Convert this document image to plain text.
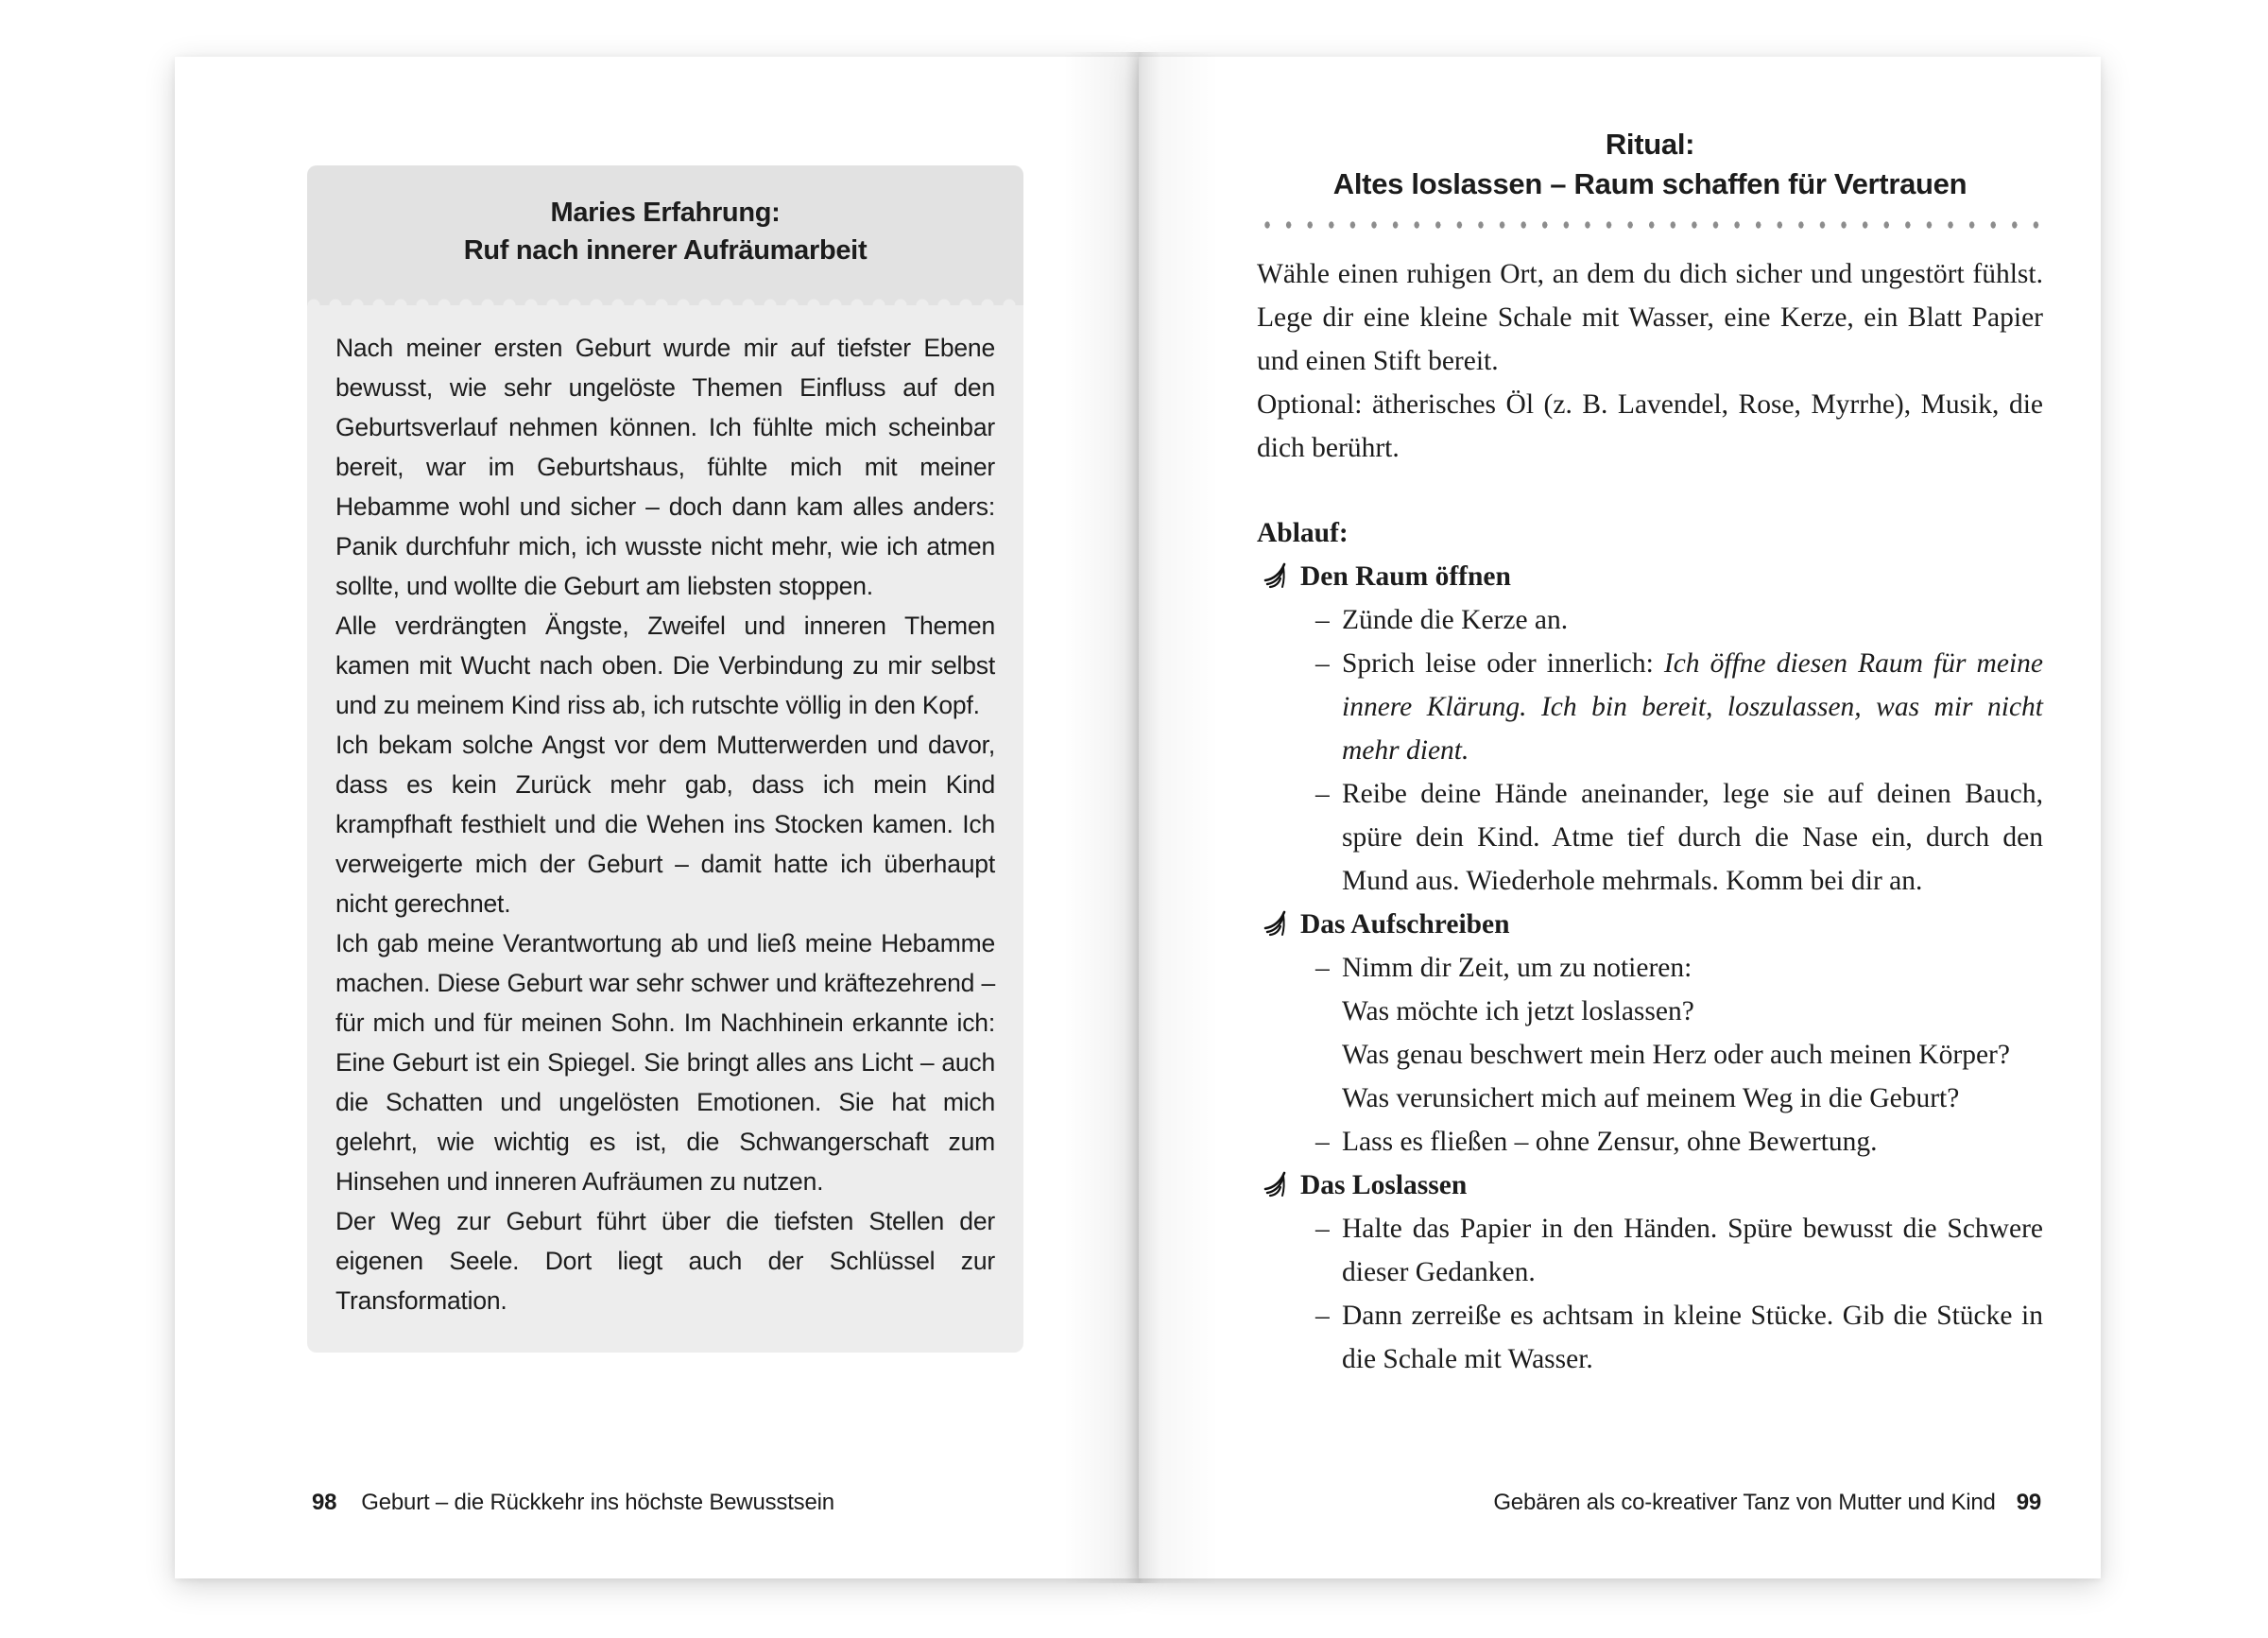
Maries Erfahrung:
Ruf nach innerer Aufräumarbeit

Nach meiner ersten Geburt wurde mir auf tiefster Ebene bewusst, wie sehr ungelöste Themen Einfluss auf den Geburtsverlauf nehmen können. Ich fühlte mich scheinbar bereit, war im Geburtshaus, fühlte mich mit meiner Hebamme wohl und sicher – doch dann kam alles anders: Panik durchfuhr mich, ich wusste nicht mehr, wie ich atmen sollte, und wollte die Geburt am liebsten stoppen.

Alle verdrängten Ängste, Zweifel und inneren Themen kamen mit Wucht nach oben. Die Verbindung zu mir selbst und zu meinem Kind riss ab, ich rutschte völlig in den Kopf.

Ich bekam solche Angst vor dem Mutterwerden und davor, dass es kein Zurück mehr gab, dass ich mein Kind krampfhaft festhielt und die Wehen ins Stocken kamen. Ich verweigerte mich der Geburt – damit hatte ich überhaupt nicht gerechnet.

Ich gab meine Verantwortung ab und ließ meine Hebamme machen. Diese Geburt war sehr schwer und kräftezehrend – für mich und für meinen Sohn. Im Nachhinein erkannte ich: Eine Geburt ist ein Spiegel. Sie bringt alles ans Licht – auch die Schatten und ungelösten Emotionen. Sie hat mich gelehrt, wie wichtig es ist, die Schwangerschaft zum Hinsehen und inneren Aufräumen zu nutzen.

Der Weg zur Geburt führt über die tiefsten Stellen der eigenen Seele. Dort liegt auch der Schlüssel zur Transformation.

98 Geburt – die Rückkehr ins höchste Bewusstsein
Ritual:
Altes loslassen – Raum schaffen für Vertrauen

Wähle einen ruhigen Ort, an dem du dich sicher und ungestört fühlst. Lege dir eine kleine Schale mit Wasser, eine Kerze, ein Blatt Papier und einen Stift bereit.

Optional: ätherisches Öl (z. B. Lavendel, Rose, Myrrhe), Musik, die dich berührt.

Ablauf:
Den Raum öffnen
– Zünde die Kerze an.
– Sprich leise oder innerlich: Ich öffne diesen Raum für meine innere Klärung. Ich bin bereit, loszulassen, was mir nicht mehr dient.
– Reibe deine Hände aneinander, lege sie auf deinen Bauch, spüre dein Kind. Atme tief durch die Nase ein, durch den Mund aus. Wiederhole mehrmals. Komm bei dir an.
Das Aufschreiben
– Nimm dir Zeit, um zu notieren:
Was möchte ich jetzt loslassen?
Was genau beschwert mein Herz oder auch meinen Körper?
Was verunsichert mich auf meinem Weg in die Geburt?
– Lass es fließen – ohne Zensur, ohne Bewertung.
Das Loslassen
– Halte das Papier in den Händen. Spüre bewusst die Schwere dieser Gedanken.
– Dann zerreiße es achtsam in kleine Stücke. Gib die Stücke in die Schale mit Wasser.
Gebären als co-kreativer Tanz von Mutter und Kind 99
